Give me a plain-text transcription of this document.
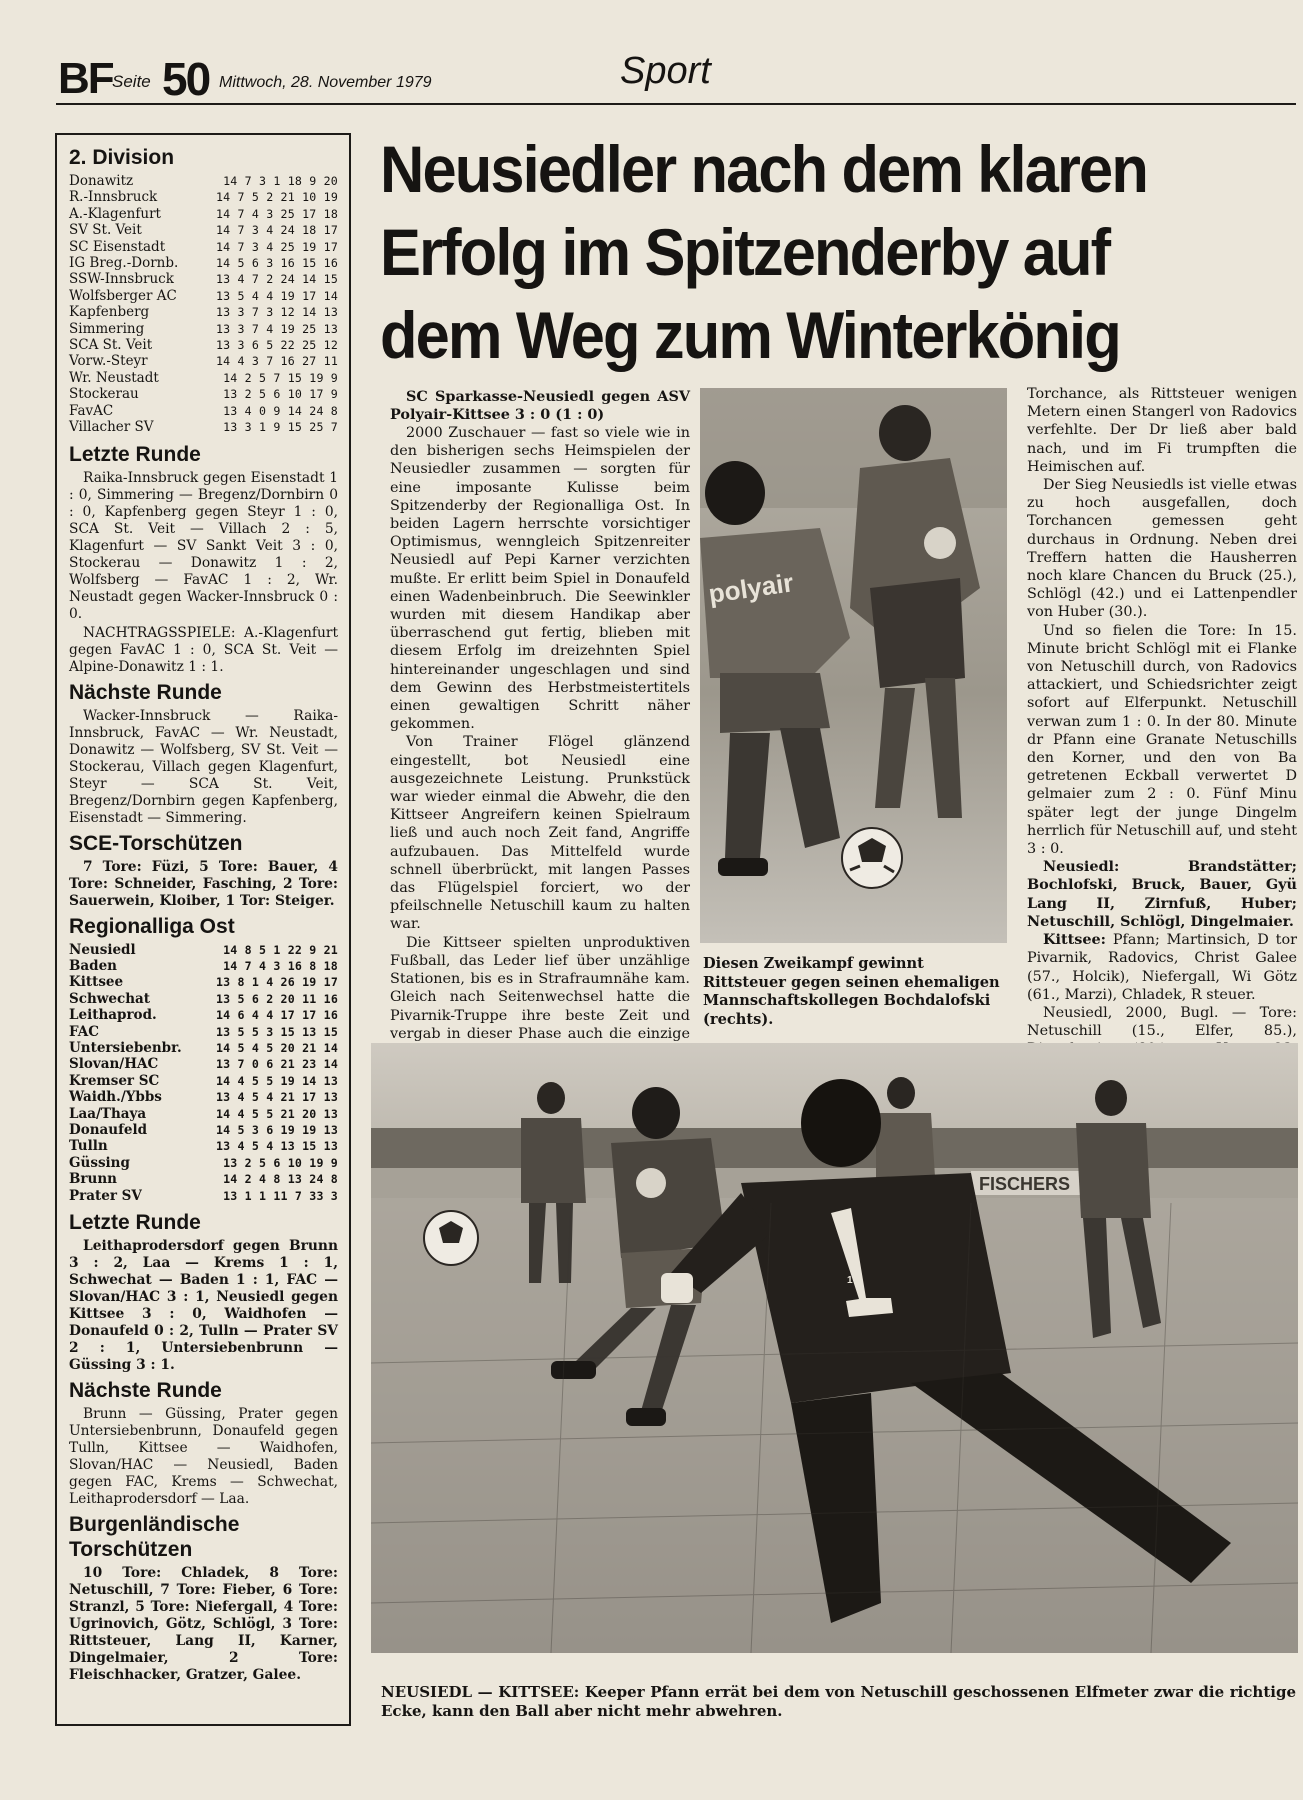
BF Seite 50 Mittwoch, 28. November 1979	Sport
2. Division
Donawitz	14 7 3 1 18 9 20
R.-Innsbruck	14 7 5 2 21 10 19
A.-Klagenfurt	14 7 4 3 25 17 18
SV St. Veit	14 7 3 4 24 18 17
SC Eisenstadt	14 7 3 4 25 19 17
IG Breg.-Dornb.	14 5 6 3 16 15 16
SSW-Innsbruck	13 4 7 2 24 14 15
Wolfsberger AC	13 5 4 4 19 17 14
Kapfenberg	13 3 7 3 12 14 13
Simmering	13 3 7 4 19 25 13
SCA St. Veit	13 3 6 5 22 25 12
Vorw.-Steyr	14 4 3 7 16 27 11
Wr. Neustadt	14 2 5 7 15 19 9
Stockerau	13 2 5 6 10 17 9
FavAC	13 4 0 9 14 24 8
Villacher SV	13 3 1 9 15 25 7
Letzte Runde

Raika-Innsbruck gegen Eisenstadt 1 : 0, Simmering — Bregenz/Dornbirn 0 : 0, Kapfenberg gegen Steyr 1 : 0, SCA St. Veit — Villach 2 : 5, Klagenfurt — SV Sankt Veit 3 : 0, Stockerau — Donawitz 1 : 2, Wolfsberg — FavAC 1 : 2, Wr. Neustadt gegen Wacker-Innsbruck 0 : 0.

NACHTRAGSSPIELE: A.-Klagenfurt gegen FavAC 1 : 0, SCA St. Veit — Alpine-Donawitz 1 : 1.

Nächste Runde

Wacker-Innsbruck — Raika-Innsbruck, FavAC — Wr. Neustadt, Donawitz — Wolfsberg, SV St. Veit — Stockerau, Villach gegen Klagenfurt, Steyr — SCA St. Veit, Bregenz/Dornbirn gegen Kapfenberg, Eisenstadt — Simmering.

SCE-Torschützen

7 Tore: Füzi, 5 Tore: Bauer, 4 Tore: Schneider, Fasching, 2 Tore: Sauerwein, Kloiber, 1 Tor: Steiger.

Regionalliga Ost
Neusiedl	14 8 5 1 22 9 21
Baden	14 7 4 3 16 8 18
Kittsee	13 8 1 4 26 19 17
Schwechat	13 5 6 2 20 11 16
Leithaprod.	14 6 4 4 17 17 16
FAC	13 5 5 3 15 13 15
Untersiebenbr.	14 5 4 5 20 21 14
Slovan/HAC	13 7 0 6 21 23 14
Kremser SC	14 4 5 5 19 14 13
Waidh./Ybbs	13 4 5 4 21 17 13
Laa/Thaya	14 4 5 5 21 20 13
Donaufeld	14 5 3 6 19 19 13
Tulln	13 4 5 4 13 15 13
Güssing	13 2 5 6 10 19 9
Brunn	14 2 4 8 13 24 8
Prater SV	13 1 1 11 7 33 3
Letzte Runde

Leithaprodersdorf gegen Brunn 3 : 2, Laa — Krems 1 : 1, Schwechat — Baden 1 : 1, FAC — Slovan/HAC 3 : 1, Neusiedl gegen Kittsee 3 : 0, Waidhofen — Donaufeld 0 : 2, Tulln — Prater SV 2 : 1, Untersiebenbrunn — Güssing 3 : 1.

Nächste Runde

Brunn — Güssing, Prater gegen Untersiebenbrunn, Donaufeld gegen Tulln, Kittsee — Waidhofen, Slovan/HAC — Neusiedl, Baden gegen FAC, Krems — Schwechat, Leithaprodersdorf — Laa.

Burgenländische Torschützen

10 Tore: Chladek, 8 Tore: Netuschill, 7 Tore: Fieber, 6 Tore: Stranzl, 5 Tore: Niefergall, 4 Tore: Ugrinovich, Götz, Schlögl, 3 Tore: Rittsteuer, Lang II, Karner, Dingelmaier, 2 Tore: Fleischhacker, Gratzer, Galee.

Neusiedler nach dem klaren
Erfolg im Spitzenderby auf
dem Weg zum Winterkönig

SC Sparkasse-Neusiedl gegen ASV Polyair-Kittsee 3 : 0 (1 : 0)

2000 Zuschauer — fast so viele wie in den bisherigen sechs Heimspielen der Neusiedler zusammen — sorgten für eine imposante Kulisse beim Spitzenderby der Regionalliga Ost. In beiden Lagern herrschte vorsichtiger Optimismus, wenngleich Spitzenreiter Neusiedl auf Pepi Karner verzichten mußte. Er erlitt beim Spiel in Donaufeld einen Wadenbeinbruch. Die Seewinkler wurden mit diesem Handikap aber überraschend gut fertig, blieben mit diesem Erfolg im dreizehnten Spiel hintereinander ungeschlagen und sind dem Gewinn des Herbstmeistertitels einen gewaltigen Schritt näher gekommen.

Von Trainer Flögel glänzend eingestellt, bot Neusiedl eine ausgezeichnete Leistung. Prunkstück war wieder einmal die Abwehr, die den Kittseer Angreifern keinen Spielraum ließ und auch noch Zeit fand, Angriffe aufzubauen. Das Mittelfeld wurde schnell überbrückt, mit langen Passes das Flügelspiel forciert, wo der pfeilschnelle Netuschill kaum zu halten war.

Die Kittseer spielten unproduktiven Fußball, das Leder lief über unzählige Stationen, bis es in Strafraumnähe kam. Gleich nach Seitenwechsel hatte die Pivarnik-Truppe ihre beste Zeit und vergab in dieser Phase auch die einzige

polyair
Diesen Zweikampf gewinnt Rittsteuer gegen seinen ehemaligen Mannschaftskollegen Bochdalofski (rechts).

Torchance, als Rittsteuer wenigen Metern einen Stangerl von Radovics verfehlte. Der Dr ließ aber bald nach, und im Fi trumpften die Heimischen auf.

Der Sieg Neusiedls ist vielle etwas zu hoch ausgefallen, doch Torchancen gemessen geht durchaus in Ordnung. Neben drei Treffern hatten die Hausherren noch klare Chancen du Bruck (25.), Schlögl (42.) und ei Lattenpendler von Huber (30.).

Und so fielen die Tore: In 15. Minute bricht Schlögl mit ei Flanke von Netuschill durch, von Radovics attackiert, und Schiedsrichter zeigt sofort auf Elferpunkt. Netuschill verwan zum 1 : 0. In der 80. Minute dr Pfann eine Granate Netuschills den Korner, und den von Ba getretenen Eckball verwertet D gelmaier zum 2 : 0. Fünf Minu später legt der junge Dingelm herrlich für Netuschill auf, und steht 3 : 0.

Neusiedl:	Brandstätter; Bochlofski, Bruck, Bauer, Gyü Lang II, Zirnfuß, Huber; Netuschill, Schlögl, Dingelmaier.

Kittsee: Pfann; Martinsich, D tor Pivarnik, Radovics, Christ Galee (57., Holcik), Niefergall, Wi Götz (61., Marzi), Chladek, R steuer.

Neusiedl, 2000, Bugl. — Tore: Netuschill (15., Elfer, 85.),

FISCHERS
1
NEUSIEDL — KITTSEE: Keeper Pfann errät bei dem von Netuschill geschossenen Elfmeter zwar die richtige Ecke, kann den Ball aber nicht mehr abwehren.
